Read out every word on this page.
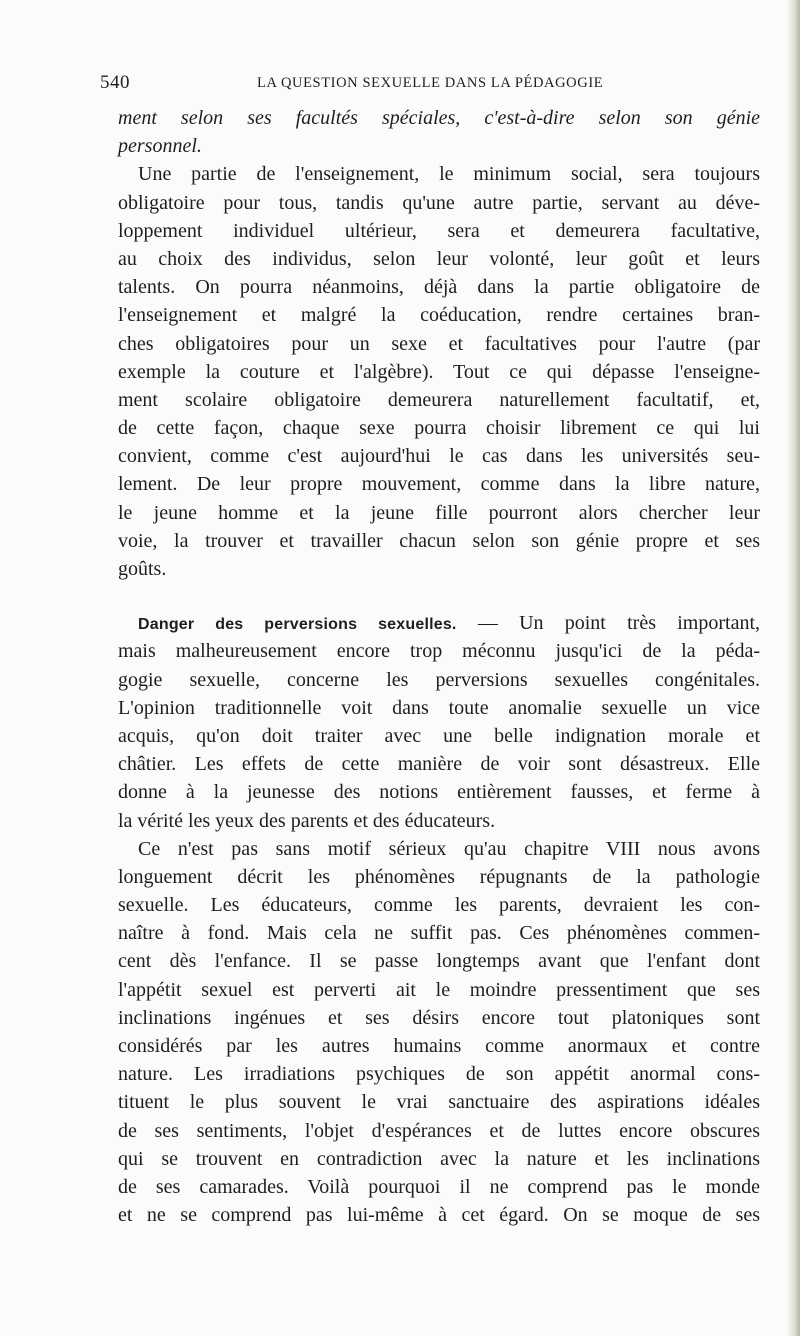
540	LA QUESTION SEXUELLE DANS LA PÉDAGOGIE
ment selon ses facultés spéciales, c'est-à-dire selon son génie
personnel.
Une partie de l'enseignement, le minimum social, sera toujours
obligatoire pour tous, tandis qu'une autre partie, servant au déve-
loppement individuel ultérieur, sera et demeurera facultative,
au choix des individus, selon leur volonté, leur goût et leurs
talents. On pourra néanmoins, déjà dans la partie obligatoire de
l'enseignement et malgré la coéducation, rendre certaines bran-
ches obligatoires pour un sexe et facultatives pour l'autre (par
exemple la couture et l'algèbre). Tout ce qui dépasse l'enseigne-
ment scolaire obligatoire demeurera naturellement facultatif, et,
de cette façon, chaque sexe pourra choisir librement ce qui lui
convient, comme c'est aujourd'hui le cas dans les universités seu-
lement. De leur propre mouvement, comme dans la libre nature,
le jeune homme et la jeune fille pourront alors chercher leur
voie, la trouver et travailler chacun selon son génie propre et ses
goûts.
Danger des perversions sexuelles. — Un point très important,
mais malheureusement encore trop méconnu jusqu'ici de la péda-
gogie sexuelle, concerne les perversions sexuelles congénitales.
L'opinion traditionnelle voit dans toute anomalie sexuelle un vice
acquis, qu'on doit traiter avec une belle indignation morale et
châtier. Les effets de cette manière de voir sont désastreux. Elle
donne à la jeunesse des notions entièrement fausses, et ferme à
la vérité les yeux des parents et des éducateurs.
Ce n'est pas sans motif sérieux qu'au chapitre VIII nous avons
longuement décrit les phénomènes répugnants de la pathologie
sexuelle. Les éducateurs, comme les parents, devraient les con-
naître à fond. Mais cela ne suffit pas. Ces phénomènes commen-
cent dès l'enfance. Il se passe longtemps avant que l'enfant dont
l'appétit sexuel est perverti ait le moindre pressentiment que ses
inclinations ingénues et ses désirs encore tout platoniques sont
considérés par les autres humains comme anormaux et contre
nature. Les irradiations psychiques de son appétit anormal cons-
tituent le plus souvent le vrai sanctuaire des aspirations idéales
de ses sentiments, l'objet d'espérances et de luttes encore obscures
qui se trouvent en contradiction avec la nature et les inclinations
de ses camarades. Voilà pourquoi il ne comprend pas le monde
et ne se comprend pas lui-même à cet égard. On se moque de ses
